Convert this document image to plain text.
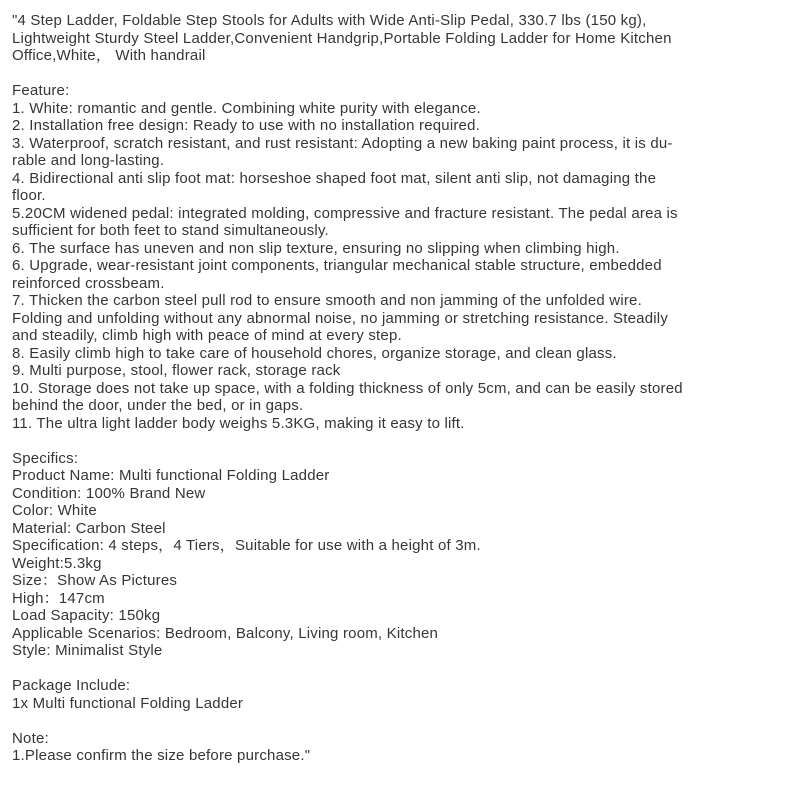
"4 Step Ladder, Foldable Step Stools for Adults with Wide Anti-Slip Pedal, 330.7 lbs (150 kg),
Lightweight Sturdy Steel Ladder,Convenient Handgrip,Portable Folding Ladder for Home Kitchen
Office,White， With handrail
Feature:
1. White: romantic and gentle. Combining white purity with elegance.
2. Installation free design: Ready to use with no installation required.
3. Waterproof, scratch resistant, and rust resistant: Adopting a new baking paint process, it is du-
rable and long-lasting.
4. Bidirectional anti slip foot mat: horseshoe shaped foot mat, silent anti slip, not damaging the
floor.
5.20CM widened pedal: integrated molding, compressive and fracture resistant. The pedal area is
sufficient for both feet to stand simultaneously.
6. The surface has uneven and non slip texture, ensuring no slipping when climbing high.
6. Upgrade, wear-resistant joint components, triangular mechanical stable structure, embedded
reinforced crossbeam.
7. Thicken the carbon steel pull rod to ensure smooth and non jamming of the unfolded wire.
Folding and unfolding without any abnormal noise, no jamming or stretching resistance. Steadily
and steadily, climb high with peace of mind at every step.
8. Easily climb high to take care of household chores, organize storage, and clean glass.
9. Multi purpose, stool, flower rack, storage rack
10. Storage does not take up space, with a folding thickness of only 5cm, and can be easily stored
behind the door, under the bed, or in gaps.
11. The ultra light ladder body weighs 5.3KG, making it easy to lift.
Specifics:
Product Name: Multi functional Folding Ladder
Condition: 100% Brand New
Color: White
Material: Carbon Steel
Specification: 4 steps，4 Tiers，Suitable for use with a height of 3m.
Weight:5.3kg
Size：Show As Pictures
High：147cm
Load Sapacity: 150kg
Applicable Scenarios: Bedroom, Balcony, Living room, Kitchen
Style: Minimalist Style
Package Include:
1x Multi functional Folding Ladder
Note:
1.Please confirm the size before purchase."
